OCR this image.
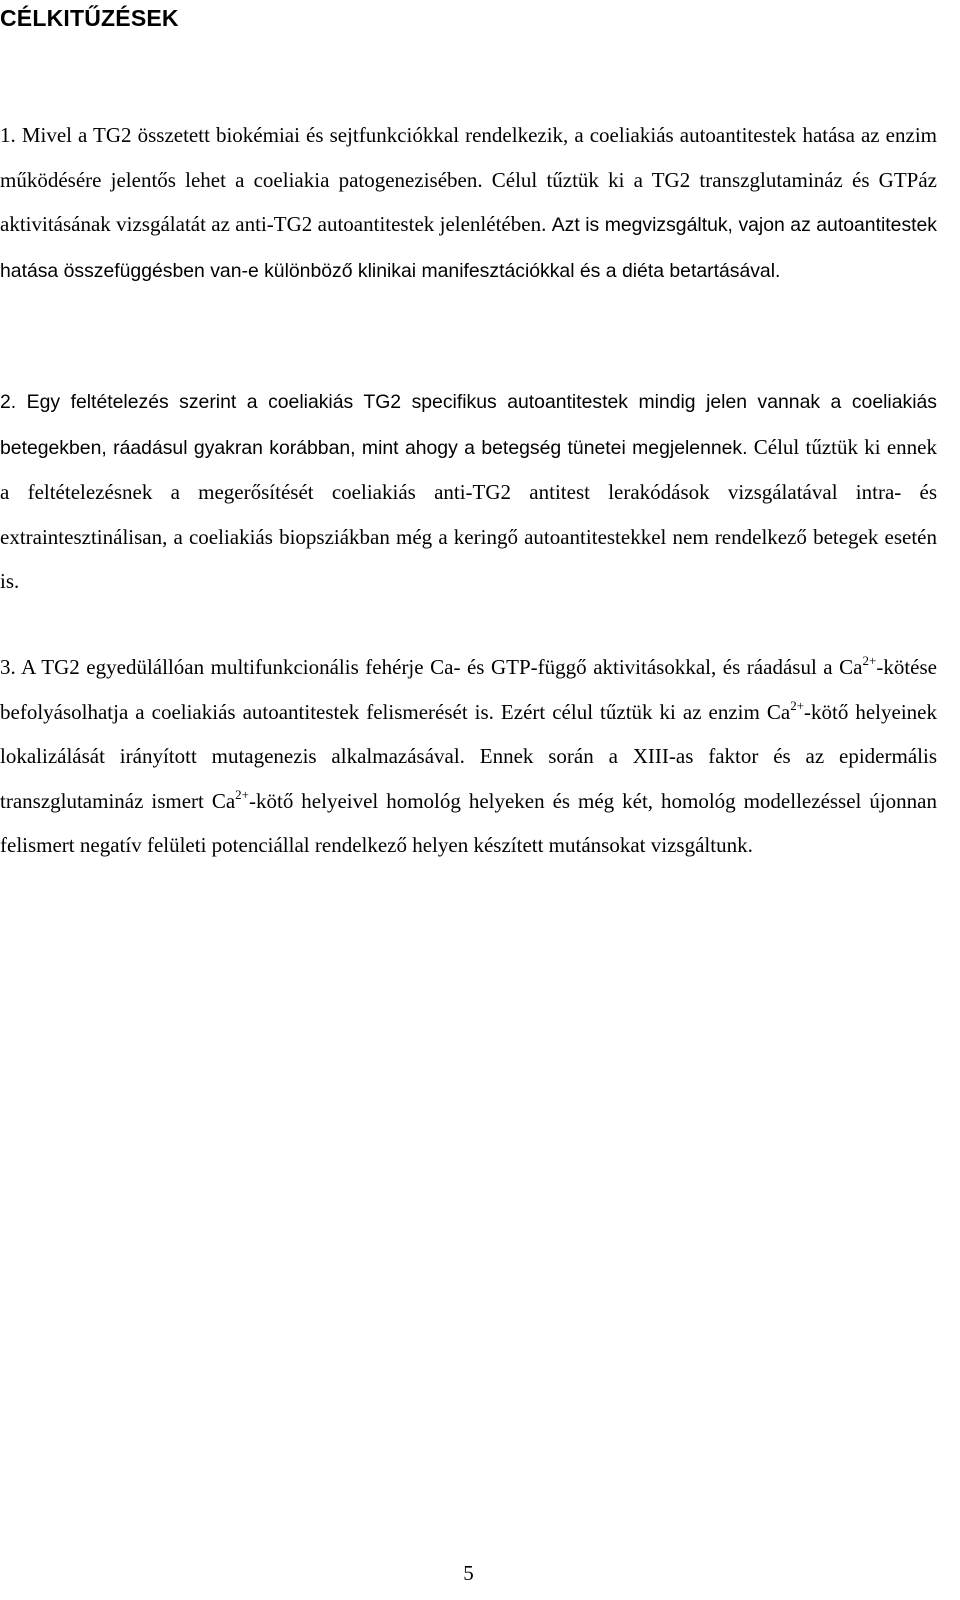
CÉLKITŰZÉSEK

1. Mivel a TG2 összetett biokémiai és sejtfunkciókkal rendelkezik, a coeliakiás autoantitestek hatása az enzim működésére jelentős lehet a coeliakia patogenezisében. Célul tűztük ki a TG2 transzglutamináz és GTPáz aktivitásának vizsgálatát az anti-TG2 autoantitestek jelenlétében. Azt is megvizsgáltuk, vajon az autoantitestek hatása összefüggésben van-e különböző klinikai manifesztációkkal és a diéta betartásával.

2. Egy feltételezés szerint a coeliakiás TG2 specifikus autoantitestek mindig jelen vannak a coeliakiás betegekben, ráadásul gyakran korábban, mint ahogy a betegség tünetei megjelennek. Célul tűztük ki ennek a feltételezésnek a megerősítését coeliakiás anti-TG2 antitest lerakódások vizsgálatával intra- és extraintesztinálisan, a coeliakiás biopsziákban még a keringő autoantitestekkel nem rendelkező betegek esetén is.

3. A TG2 egyedülállóan multifunkcionális fehérje Ca- és GTP-függő aktivitásokkal, és ráadásul a $Ca^{2+}$-kötése befolyásolhatja a coeliakiás autoantitestek felismerését is. Ezért célul tűztük ki az enzim $Ca^{2+}$-kötő helyeinek lokalizálását irányított mutagenezis alkalmazásával. Ennek során a XIII-as faktor és az epidermális transzglutamináz ismert $Ca^{2+}$-kötő helyeivel homológ helyeken és még két, homológ modellezéssel újonnan felismert negatív felületi potenciállal rendelkező helyen készített mutánsokat vizsgáltunk.

5
